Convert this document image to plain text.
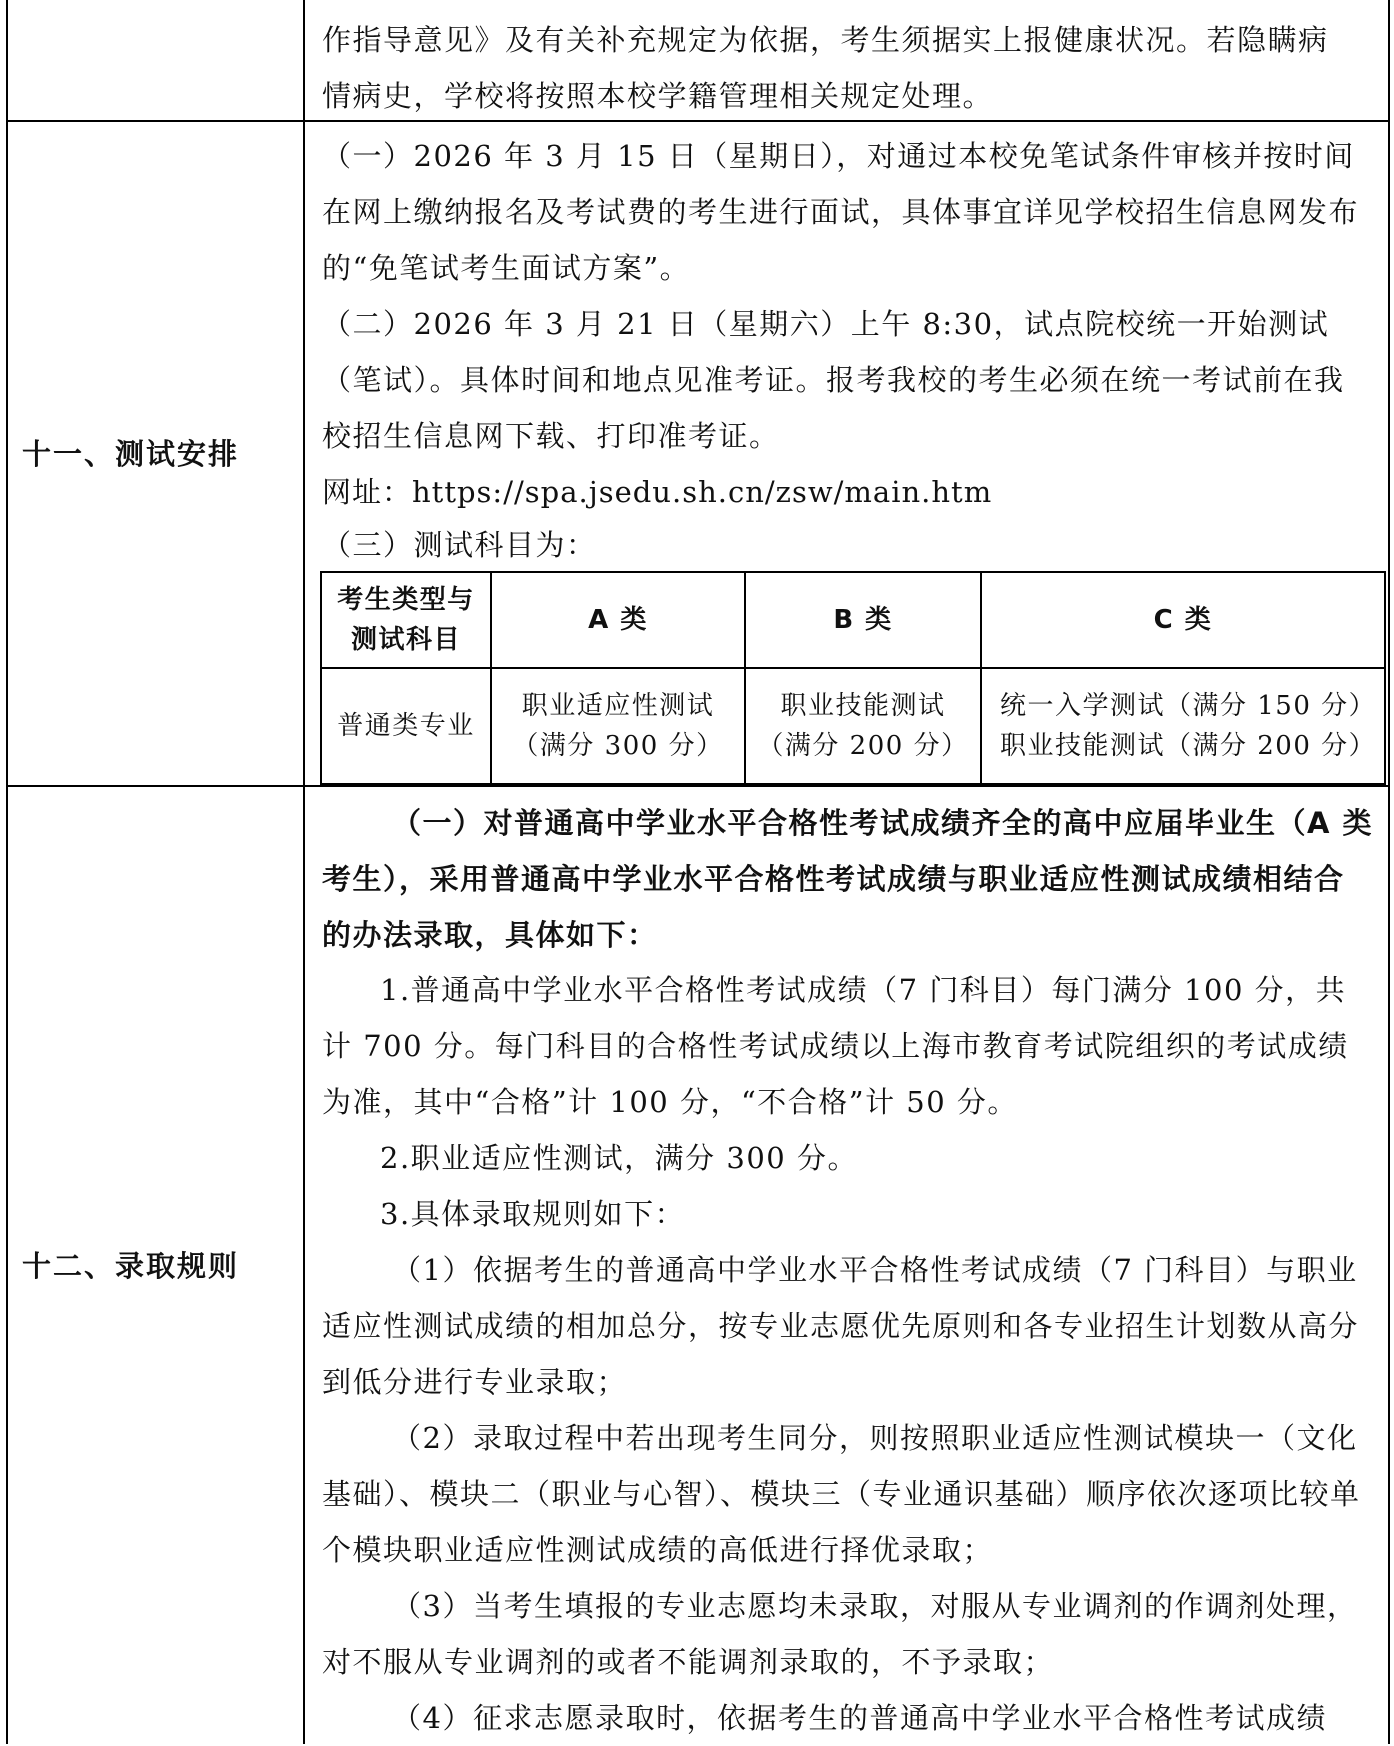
作指导意见》及有关补充规定为依据，考生须据实上报健康状况。若隐瞒病

情病史，学校将按照本校学籍管理相关规定处理。

十一、测试安排

（一）2026 年 3 月 15 日（星期日），对通过本校免笔试条件审核并按时间在网上缴纳报名及考试费的考生进行面试，具体事宜详见学校招生信息网发布的“免笔试考生面试方案”。

（二）2026 年 3 月 21 日（星期六）上午 8:30，试点院校统一开始测试（笔试）。具体时间和地点见准考证。报考我校的考生必须在统一考试前在我校招生信息网下载、打印准考证。

网址：https://spa.jsedu.sh.cn/zsw/main.htm

（三）测试科目为：

考生类型与
测试科目	A 类	B 类	C 类
普通类专业	职业适应性测试
（满分 300 分）	职业技能测试
（满分 200 分）	统一入学测试（满分 150 分）
职业技能测试（满分 200 分）
十二、录取规则

（一）对普通高中学业水平合格性考试成绩齐全的高中应届毕业生（A 类考生），采用普通高中学业水平合格性考试成绩与职业适应性测试成绩相结合的办法录取，具体如下：

1.普通高中学业水平合格性考试成绩（7 门科目）每门满分 100 分，共计 700 分。每门科目的合格性考试成绩以上海市教育考试院组织的考试成绩为准，其中“合格”计 100 分，“不合格”计 50 分。

2.职业适应性测试，满分 300 分。

3.具体录取规则如下：

（1）依据考生的普通高中学业水平合格性考试成绩（7 门科目）与职业适应性测试成绩的相加总分，按专业志愿优先原则和各专业招生计划数从高分到低分进行专业录取；

（2）录取过程中若出现考生同分，则按照职业适应性测试模块一（文化基础）、模块二（职业与心智）、模块三（专业通识基础）顺序依次逐项比较单个模块职业适应性测试成绩的高低进行择优录取；

（3）当考生填报的专业志愿均未录取，对服从专业调剂的作调剂处理，对不服从专业调剂的或者不能调剂录取的，不予录取；

（4）征求志愿录取时，依据考生的普通高中学业水平合格性考试成绩
